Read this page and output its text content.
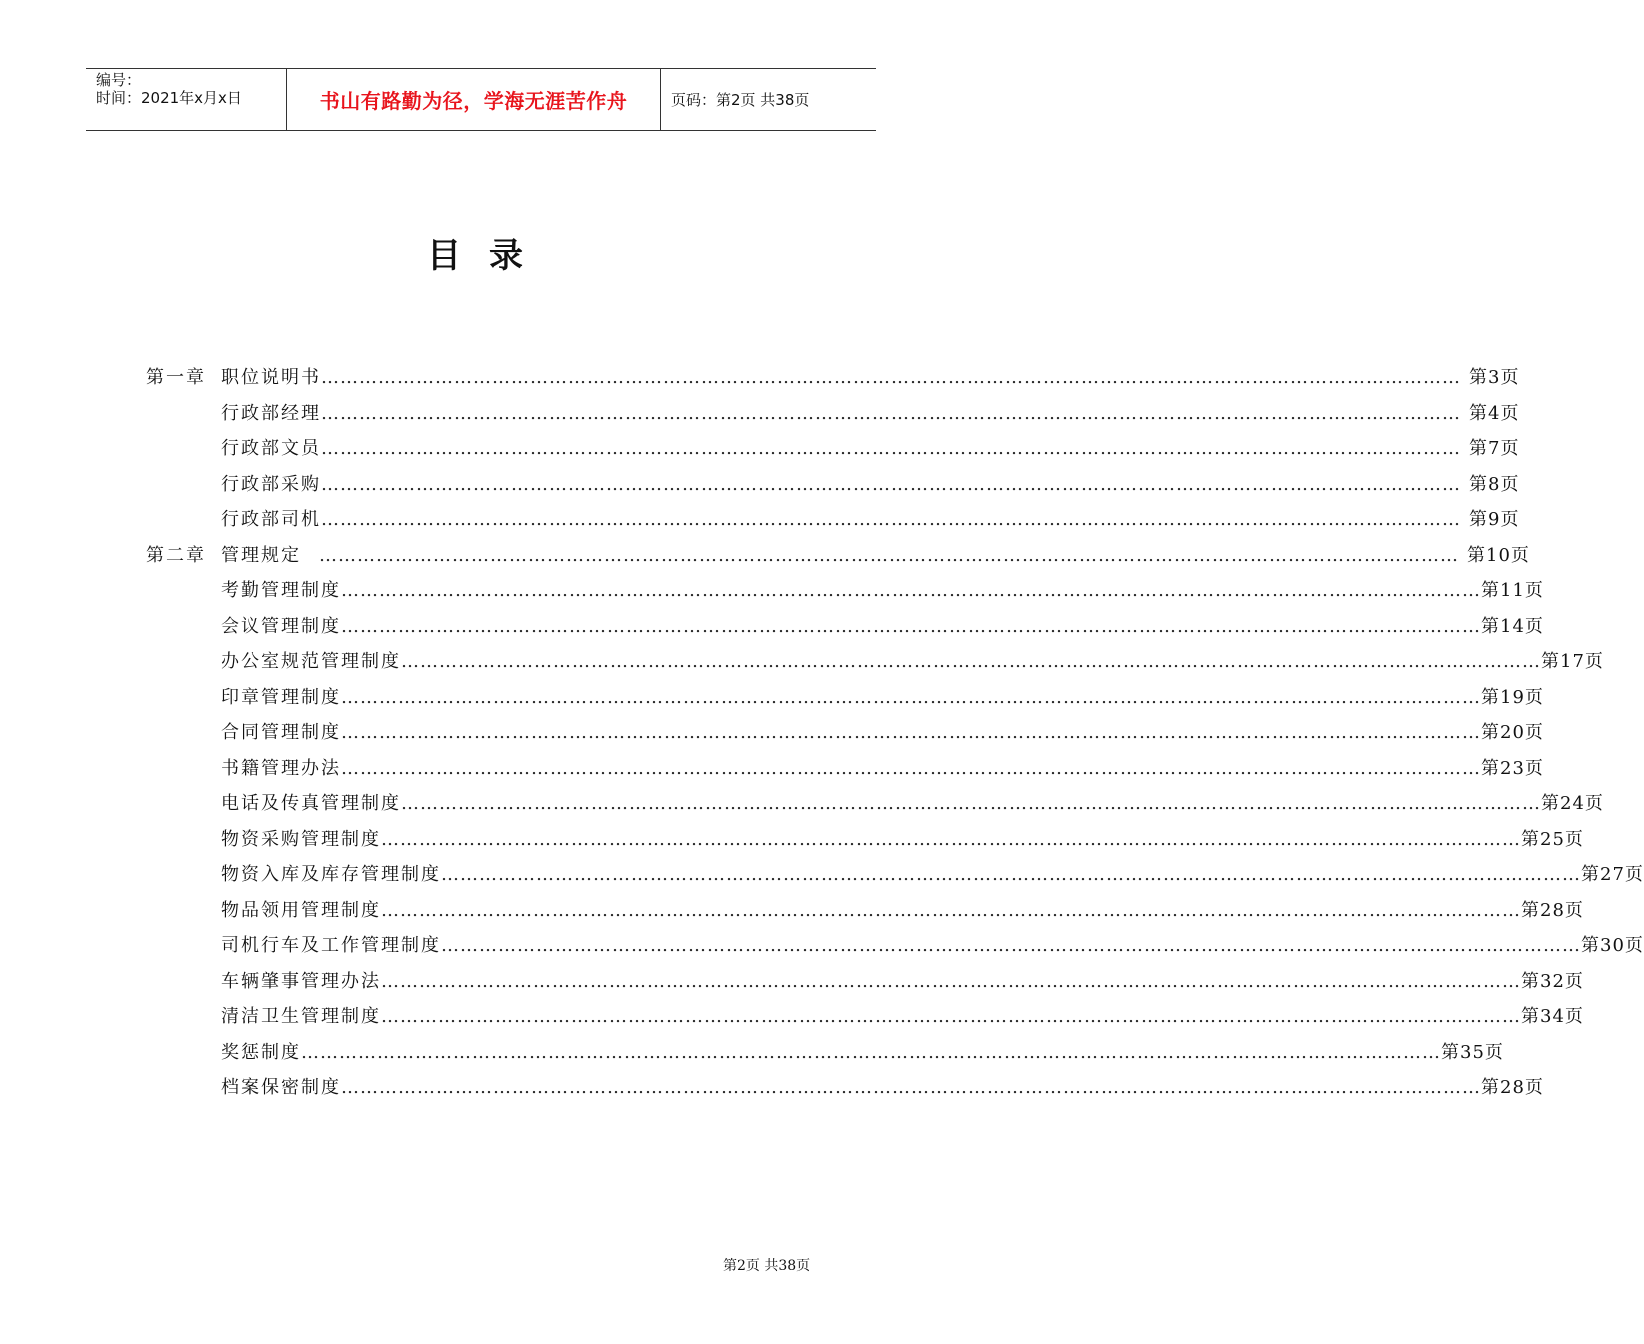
编号：
时间：2021年x月x日	书山有路勤为径，学海无涯苦作舟	页码：第2页 共38页
目录
第一章 职位说明书 ……………………………………………………………………………………………………………………………………………………………… 第3页
行政部经理 ……………………………………………………………………………………………………………………………………………………………… 第4页
行政部文员 ……………………………………………………………………………………………………………………………………………………………… 第7页
行政部采购 ……………………………………………………………………………………………………………………………………………………………… 第8页
行政部司机 ……………………………………………………………………………………………………………………………………………………………… 第9页
第二章 管理规定	……………………………………………………………………………………………………………………………………………………………… 第10页
考勤管理制度 ……………………………………………………………………………………………………………………………………………………………… 第11页
会议管理制度 ……………………………………………………………………………………………………………………………………………………………… 第14页
办公室规范管理制度 ……………………………………………………………………………………………………………………………………………………………… 第17页
印章管理制度 ……………………………………………………………………………………………………………………………………………………………… 第19页
合同管理制度 ……………………………………………………………………………………………………………………………………………………………… 第20页
书籍管理办法 ……………………………………………………………………………………………………………………………………………………………… 第23页
电话及传真管理制度 ……………………………………………………………………………………………………………………………………………………………… 第24页
物资采购管理制度 ……………………………………………………………………………………………………………………………………………………………… 第25页
物资入库及库存管理制度 ……………………………………………………………………………………………………………………………………………………………… 第27页
物品领用管理制度 ……………………………………………………………………………………………………………………………………………………………… 第28页
司机行车及工作管理制度 ……………………………………………………………………………………………………………………………………………………………… 第30页
车辆肇事管理办法 ……………………………………………………………………………………………………………………………………………………………… 第32页
清洁卫生管理制度 ……………………………………………………………………………………………………………………………………………………………… 第34页
奖惩制度 ……………………………………………………………………………………………………………………………………………………………… 第35页
档案保密制度 ……………………………………………………………………………………………………………………………………………………………… 第28页
第2页 共38页
